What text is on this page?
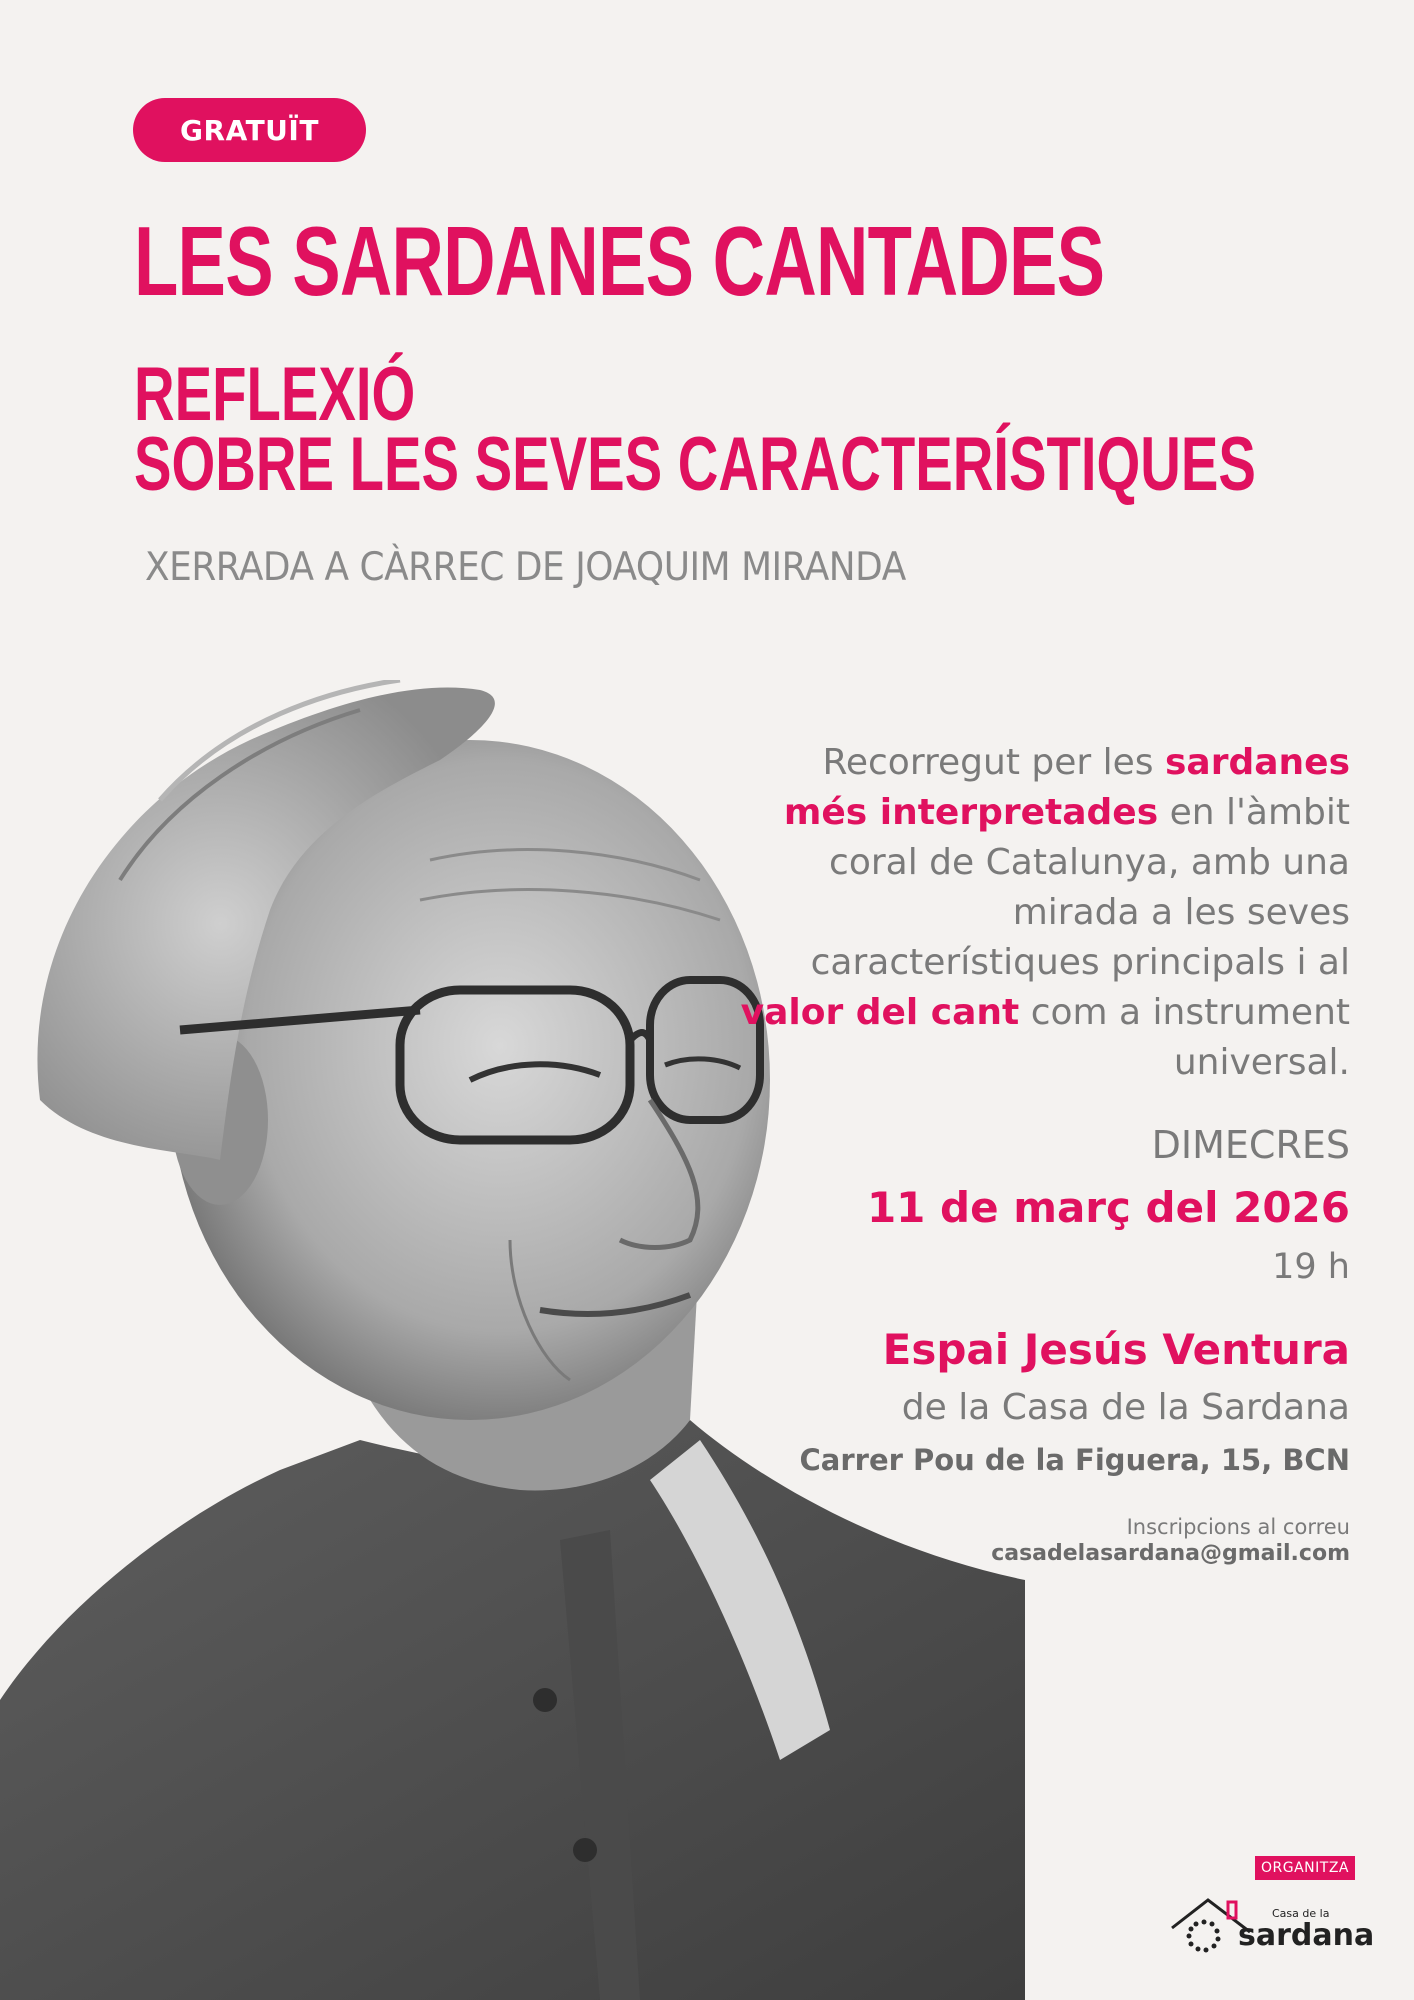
GRATUÏT
LES SARDANES CANTADES
REFLEXIÓ
SOBRE LES SEVES CARACTERÍSTIQUES
XERRADA A CÀRREC DE JOAQUIM MIRANDA

Recorregut per les sardanes més interpretades en l'àmbit coral de Catalunya, amb una mirada a les seves característiques principals i al valor del cant com a instrument universal.

DIMECRES
11 de març del 2026
19 h
Espai Jesús Ventura
de la Casa de la Sardana
Carrer Pou de la Figuera, 15, BCN
Inscripcions al correu
casadelasardana@gmail.com
ORGANITZA
Casa de la
sardana
